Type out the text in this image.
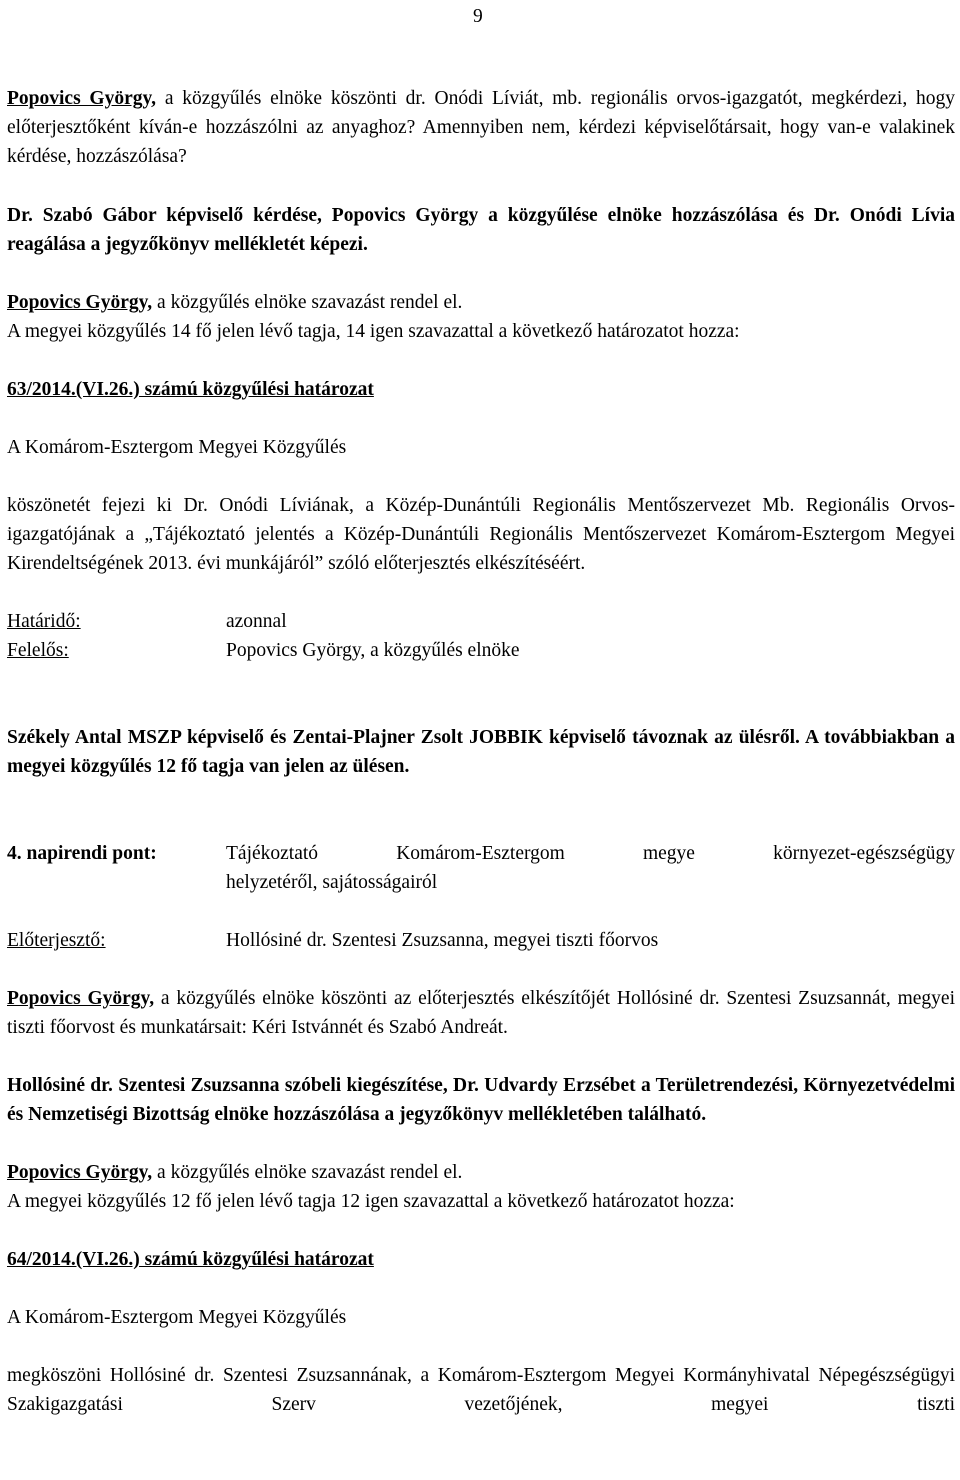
9

Popovics György, a közgyűlés elnöke köszönti dr. Onódi Líviát, mb. regionális orvos-igazgatót, megkérdezi, hogy előterjesztőként kíván-e hozzászólni az anyaghoz? Amennyiben nem, kérdezi képviselőtársait, hogy van-e valakinek kérdése, hozzászólása?

Dr. Szabó Gábor képviselő kérdése, Popovics György a közgyűlése elnöke hozzászólása és Dr. Onódi Lívia reagálása a jegyzőkönyv mellékletét képezi.

Popovics György, a közgyűlés elnöke szavazást rendel el.

A megyei közgyűlés 14 fő jelen lévő tagja, 14 igen szavazattal a következő határozatot hozza:

63/2014.(VI.26.) számú közgyűlési határozat

A Komárom-Esztergom Megyei Közgyűlés

köszönetét fejezi ki Dr. Onódi Líviának, a Közép-Dunántúli Regionális Mentőszervezet Mb. Regionális Orvos-igazgatójának a „Tájékoztató jelentés a Közép-Dunántúli Regionális Mentőszervezet Komárom-Esztergom Megyei Kirendeltségének 2013. évi munkájáról” szóló előterjesztés elkészítéséért.

Határidő:	azonnal
Felelős:	Popovics György, a közgyűlés elnöke

Székely Antal MSZP képviselő és Zentai-Plajner Zsolt JOBBIK képviselő távoznak az ülésről. A továbbiakban a megyei közgyűlés 12 fő tagja van jelen az ülésen.

4. napirendi pont:	Tájékoztató Komárom-Esztergom megye környezet-egészségügy

helyzetéről, sajátosságairól

Előterjesztő:	Hollósiné dr. Szentesi Zsuzsanna, megyei tiszti főorvos

Popovics György, a közgyűlés elnöke köszönti az előterjesztés elkészítőjét Hollósiné dr. Szentesi Zsuzsannát, megyei tiszti főorvost és munkatársait: Kéri Istvánnét és Szabó Andreát.

Hollósiné dr. Szentesi Zsuzsanna szóbeli kiegészítése, Dr. Udvardy Erzsébet a Területrendezési, Környezetvédelmi és Nemzetiségi Bizottság elnöke hozzászólása a jegyzőkönyv mellékletében található.

Popovics György, a közgyűlés elnöke szavazást rendel el.

A megyei közgyűlés 12 fő jelen lévő tagja 12 igen szavazattal a következő határozatot hozza:

64/2014.(VI.26.) számú közgyűlési határozat

A Komárom-Esztergom Megyei Közgyűlés

megköszöni Hollósiné dr. Szentesi Zsuzsannának, a Komárom-Esztergom Megyei Kormányhivatal Népegészségügyi Szakigazgatási Szerv vezetőjének, megyei tiszti
